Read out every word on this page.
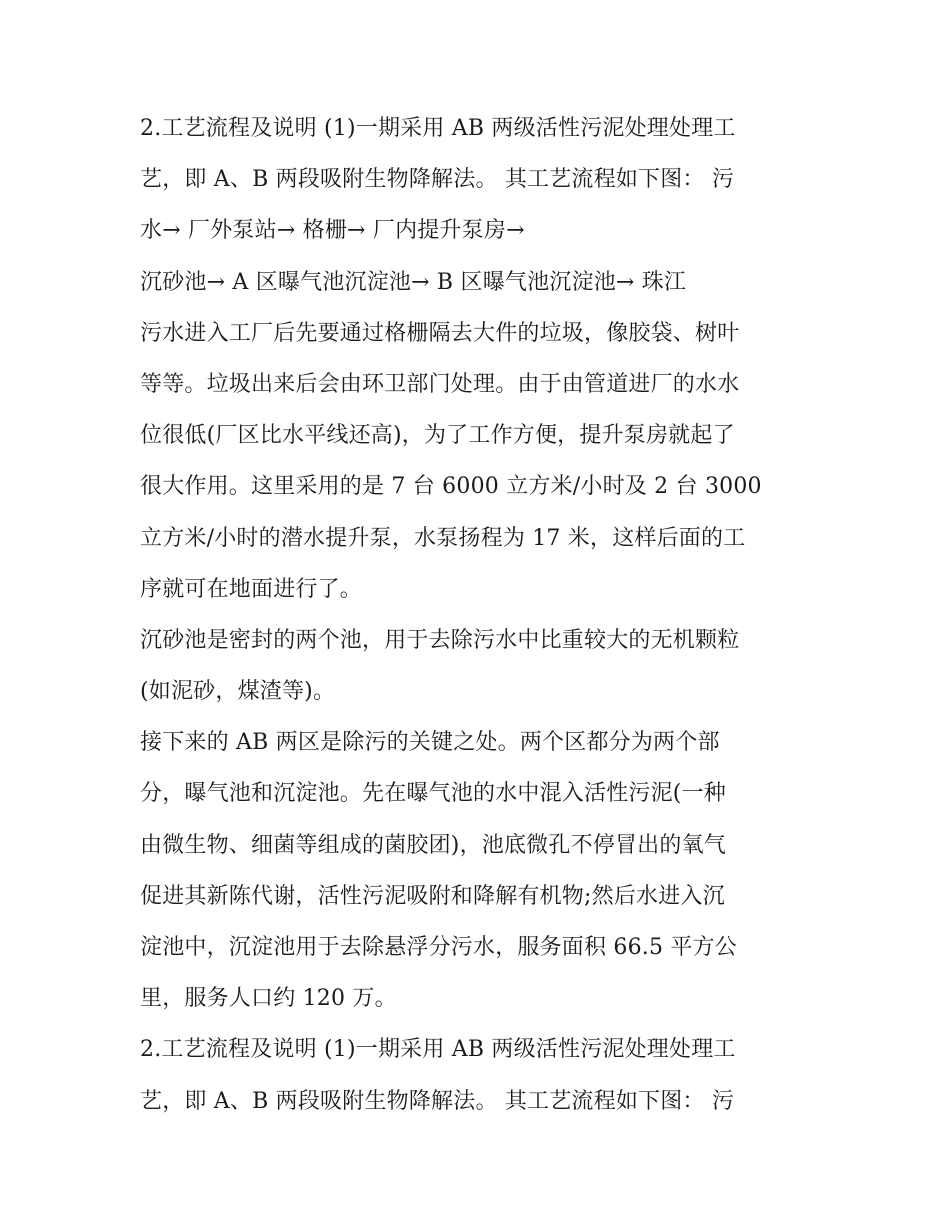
2.工艺流程及说明 (1)一期采用 AB 两级活性污泥处理处理工
艺，即 A、B 两段吸附生物降解法。 其工艺流程如下图： 污
水→ 厂外泵站→ 格栅→ 厂内提升泵房→
沉砂池→ A 区曝气池沉淀池→ B 区曝气池沉淀池→ 珠江
污水进入工厂后先要通过格栅隔去大件的垃圾，像胶袋、树叶
等等。垃圾出来后会由环卫部门处理。由于由管道进厂的水水
位很低(厂区比水平线还高)，为了工作方便，提升泵房就起了
很大作用。这里采用的是 7 台 6000 立方米/小时及 2 台 3000
立方米/小时的潜水提升泵，水泵扬程为 17 米，这样后面的工
序就可在地面进行了。
沉砂池是密封的两个池，用于去除污水中比重较大的无机颗粒
(如泥砂，煤渣等)。
接下来的 AB 两区是除污的关键之处。两个区都分为两个部
分，曝气池和沉淀池。先在曝气池的水中混入活性污泥(一种
由微生物、细菌等组成的菌胶团)，池底微孔不停冒出的氧气
促进其新陈代谢，活性污泥吸附和降解有机物;然后水进入沉
淀池中，沉淀池用于去除悬浮分污水，服务面积 66.5 平方公
里，服务人口约 120 万。
2.工艺流程及说明 (1)一期采用 AB 两级活性污泥处理处理工
艺，即 A、B 两段吸附生物降解法。 其工艺流程如下图： 污
